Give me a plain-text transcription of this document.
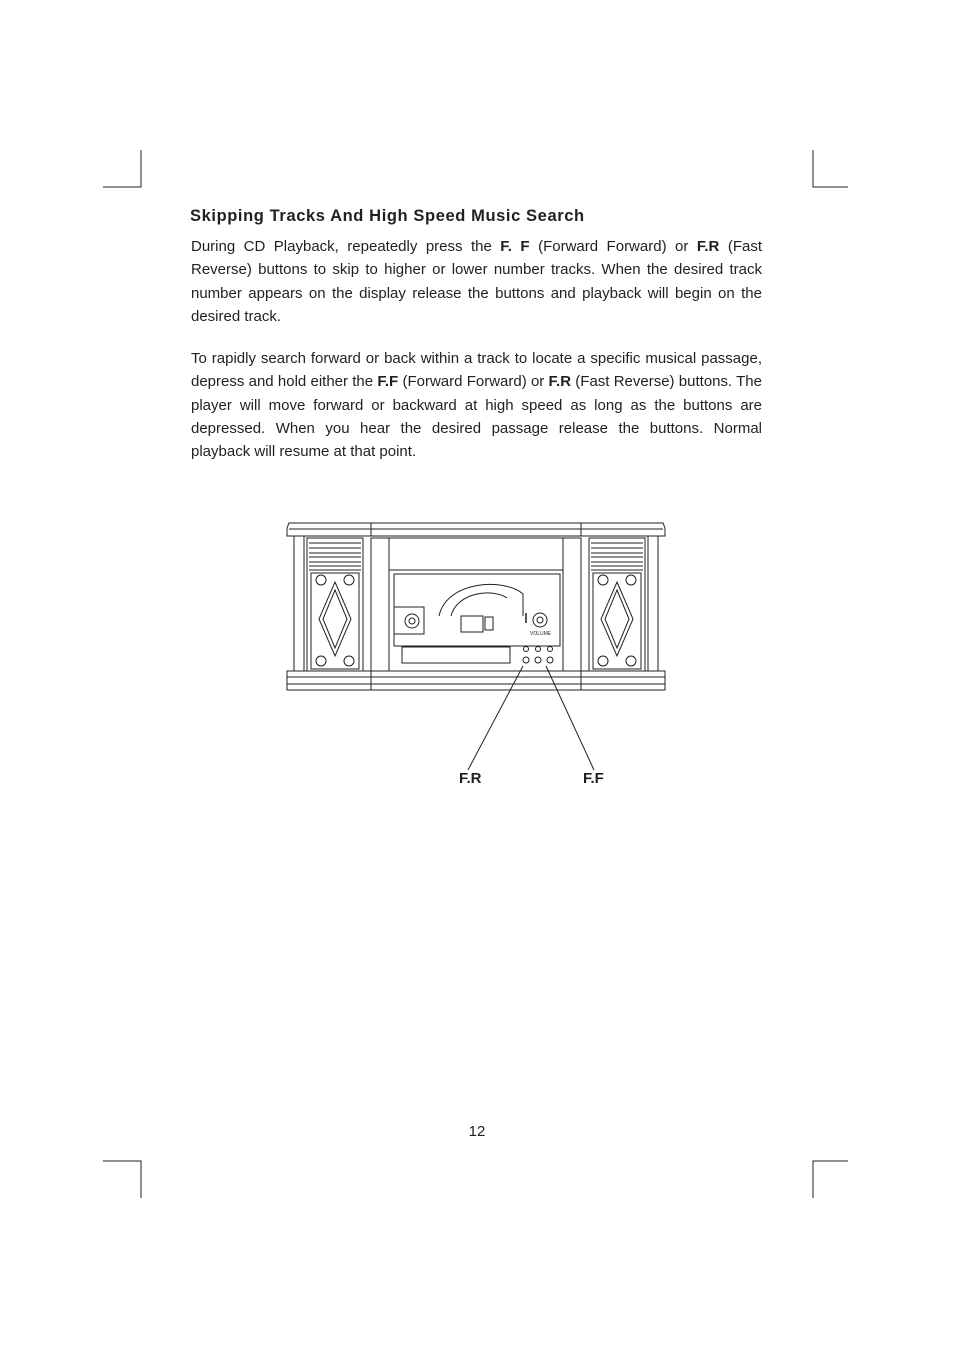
Skipping Tracks And High Speed Music Search

During CD Playback, repeatedly press the F. F (Forward Forward) or F.R (Fast Reverse) buttons to skip to higher or lower number tracks. When the desired track number appears on the display release the buttons and playback will begin on the desired track.

To rapidly search forward or back within a track to locate a specific musical passage, depress and hold either the F.F (Forward Forward) or F.R (Fast Reverse) buttons. The player will move forward or backward at high speed as long as the buttons are depressed. When you hear the desired passage release the buttons. Normal playback will resume at that point.

VOLUME
F.R	F.F
12
